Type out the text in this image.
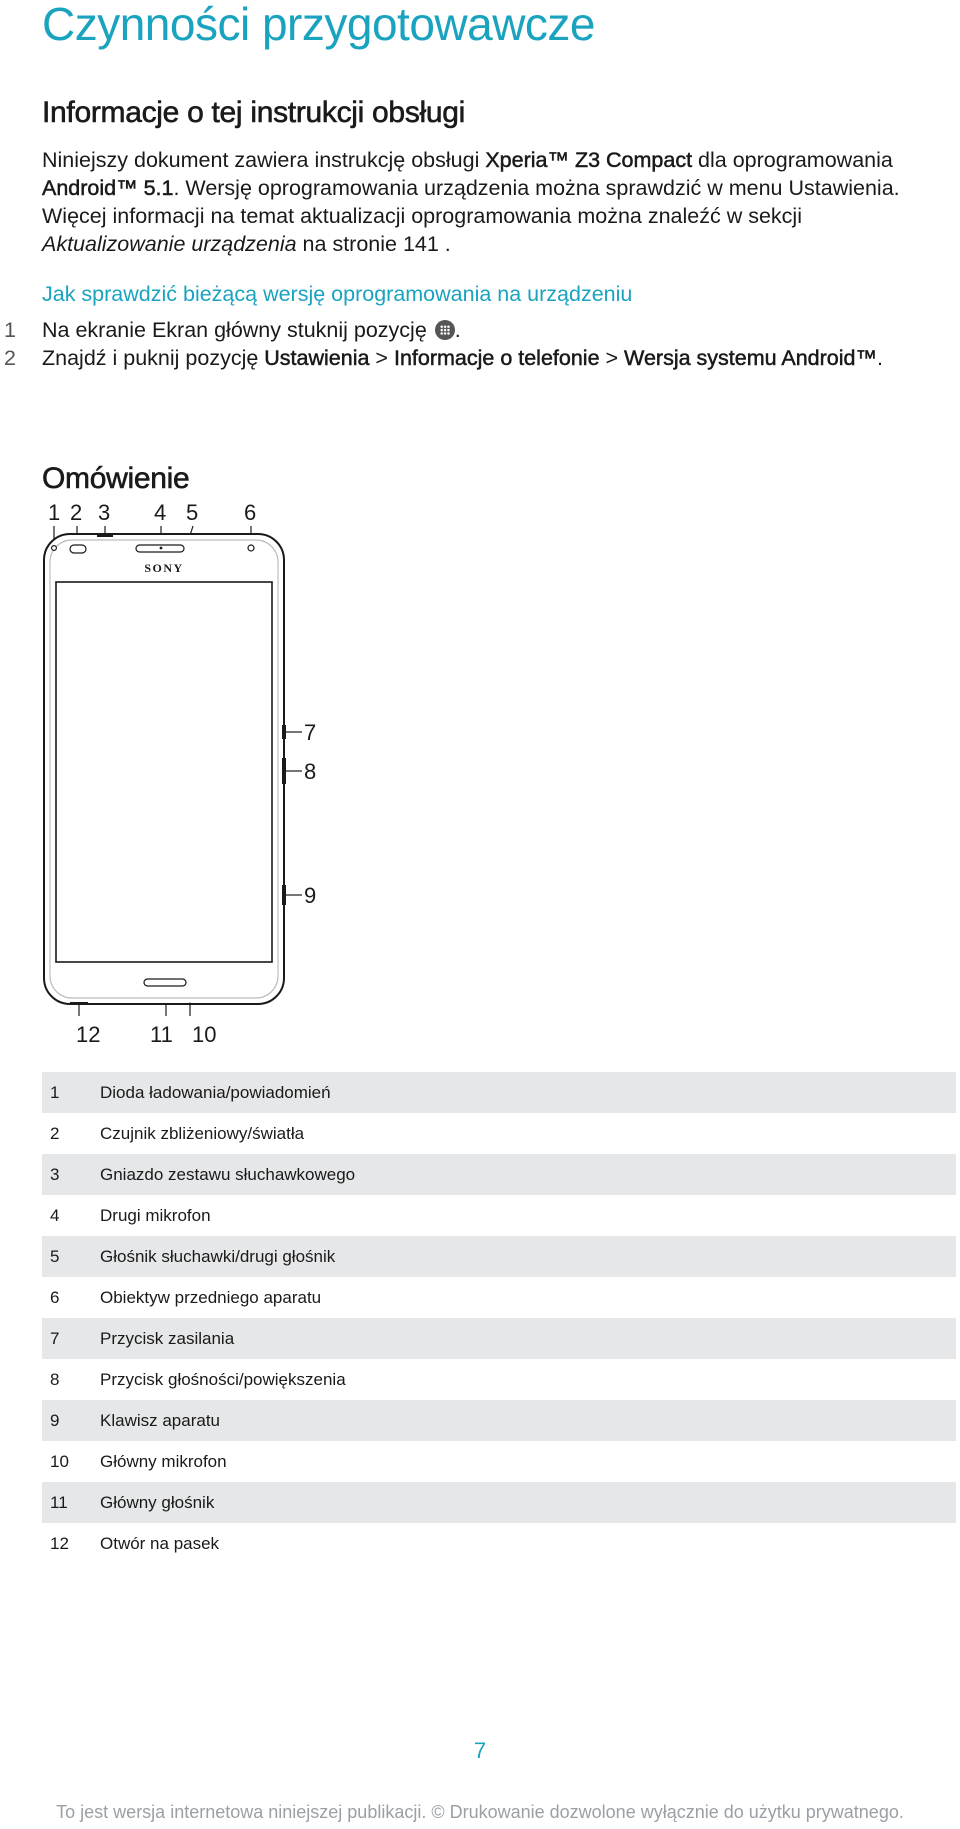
Czynności przygotowawcze
Informacje o tej instrukcji obsługi

Niniejszy dokument zawiera instrukcję obsługi Xperia™ Z3 Compact dla oprogramowania Android™ 5.1. Wersję oprogramowania urządzenia można sprawdzić w menu Ustawienia. Więcej informacji na temat aktualizacji oprogramowania można znaleźć w sekcji Aktualizowanie urządzenia na stronie 141 .

Jak sprawdzić bieżącą wersję oprogramowania na urządzeniu
1 Na ekranie Ekran główny stuknij pozycję .
2 Znajdź i puknij pozycję Ustawienia > Informacje o telefonie > Wersja systemu Android™.
Omówienie
1 2 3 4 5 6
SONY
7
8
9
10
11
12
1	Dioda ładowania/powiadomień
2	Czujnik zbliżeniowy/światła
3	Gniazdo zestawu słuchawkowego
4	Drugi mikrofon
5	Głośnik słuchawki/drugi głośnik
6	Obiektyw przedniego aparatu
7	Przycisk zasilania
8	Przycisk głośności/powiększenia
9	Klawisz aparatu
10	Główny mikrofon
11	Główny głośnik
12	Otwór na pasek

7

To jest wersja internetowa niniejszej publikacji. © Drukowanie dozwolone wyłącznie do użytku prywatnego.
